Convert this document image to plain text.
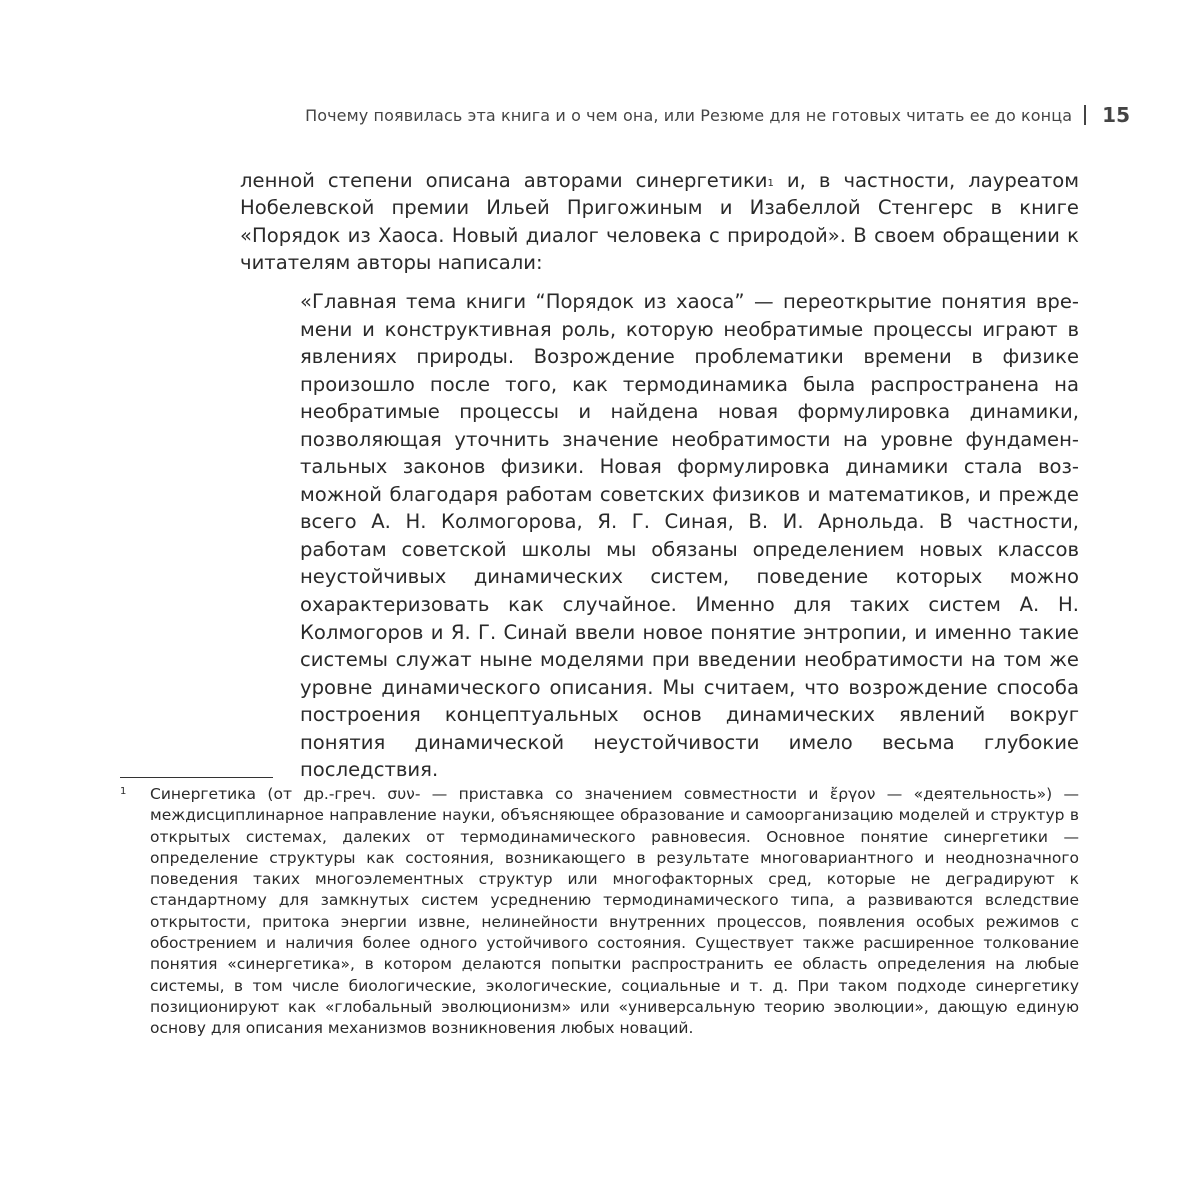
Почему появилась эта книга и о чем она, или Резюме для не готовых читать ее до конца 15

ленной степени описана авторами синергетики$^1$ и, в частности, лауреатом Нобелевской премии Ильей Пригожиным и Изабеллой Стенгерс в книге «Порядок из Хаоса. Новый диалог человека с природой». В своем обращении к читателям авторы написали:

«Главная тема книги “Порядок из хаоса” — переоткрытие понятия времени и конструктивная роль, которую необратимые процессы играют в явлениях природы. Возрождение проблематики времени в физике произошло после того, как термодинамика была распространена на необратимые процессы и найдена новая формулировка динамики, позволяющая уточнить значение необратимости на уровне фундаментальных законов физики. Новая формулировка динамики стала возможной благодаря работам советских физиков и математиков, и прежде всего А. Н. Колмогорова, Я. Г. Синая, В. И. Арнольда. В частности, работам советской школы мы обязаны определением новых классов неустойчивых динамических систем, поведение которых можно охарактеризовать как случайное. Именно для таких систем А. Н. Колмогоров и Я. Г. Синай ввели новое понятие энтропии, и именно такие системы служат ныне моделями при введении необратимости на том же уровне динамического описания. Мы считаем, что возрождение способа построения концептуальных основ динамических явлений вокруг понятия динамической неустойчивости имело весьма глубокие последствия.

1 Синергетика (от др.-греч. συν- — приставка со значением совместности и ἔργον — «деятельность») — междисциплинарное направление науки, объясняющее образование и самоорганизацию моделей и структур в открытых системах, далеких от термодинамического равновесия. Основное понятие синергетики — определение структуры как состояния, возникающего в результате многовариантного и неоднозначного поведения таких многоэлементных структур или многофакторных сред, которые не деградируют к стандартному для замкнутых систем усреднению термодинамического типа, а развиваются вследствие открытости, притока энергии извне, нелинейности внутренних процессов, появления особых режимов с обострением и наличия более одного устойчивого состояния. Существует также расширенное толкование понятия «синергетика», в котором делаются попытки распространить ее область определения на любые системы, в том числе биологические, экологические, социальные и т. д. При таком подходе синергетику позиционируют как «глобальный эволюционизм» или «универсальную теорию эволюции», дающую единую основу для описания механизмов возникновения любых новаций.
